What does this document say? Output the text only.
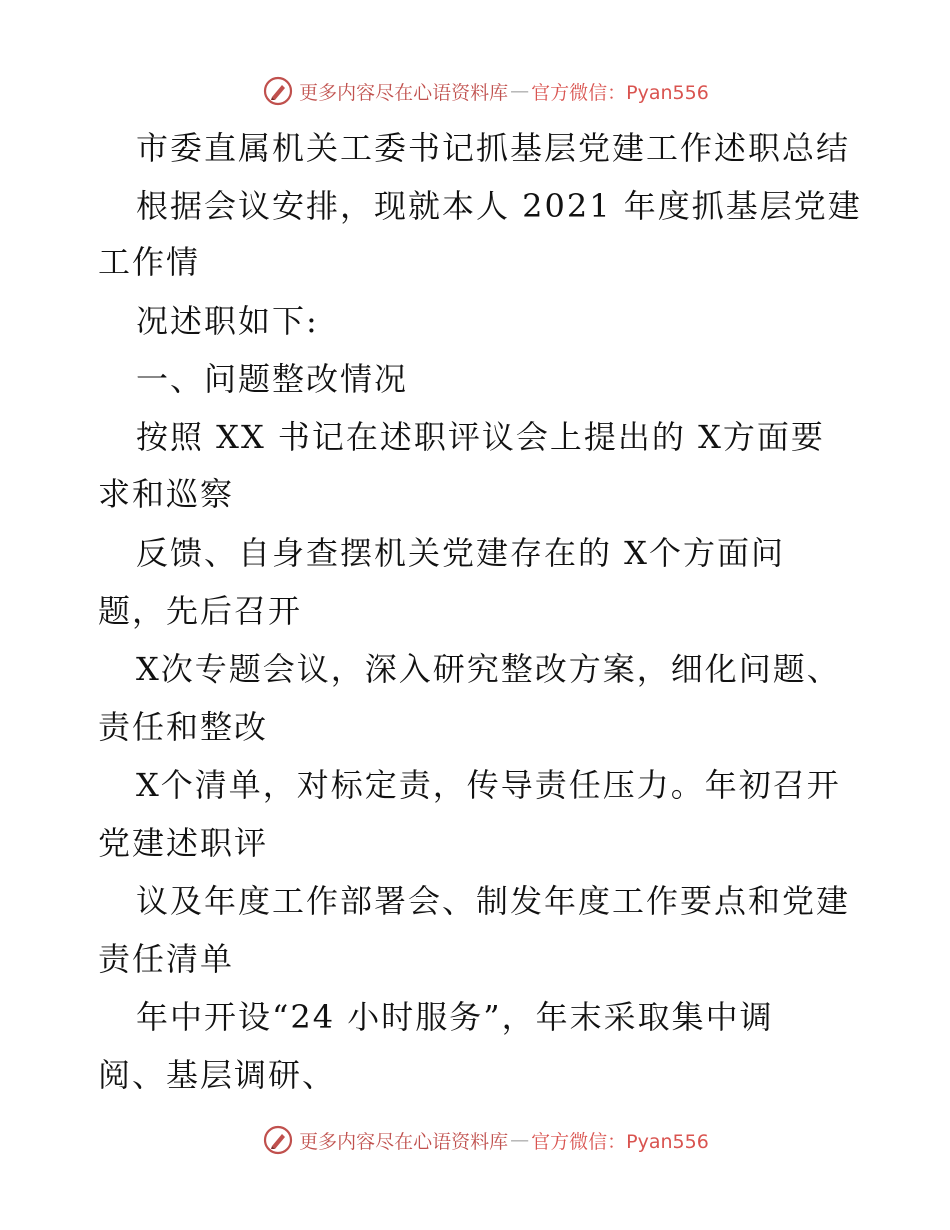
更多内容尽在心语资料库 — 官方微信：Pyan556
市委直属机关工委书记抓基层党建工作述职总结
根据会议安排，现就本人 2021 年度抓基层党建
工作情
况述职如下:
一、问题整改情况
按照 XX 书记在述职评议会上提出的 X方面要
求和巡察
反馈、自身查摆机关党建存在的 X个方面问
题，先后召开
X次专题会议，深入研究整改方案，细化问题、
责任和整改
X个清单，对标定责，传导责任压力。年初召开
党建述职评
议及年度工作部署会、制发年度工作要点和党建
责任清单
年中开设“24 小时服务”，年末采取集中调
阅、基层调研、
更多内容尽在心语资料库 — 官方微信：Pyan556
